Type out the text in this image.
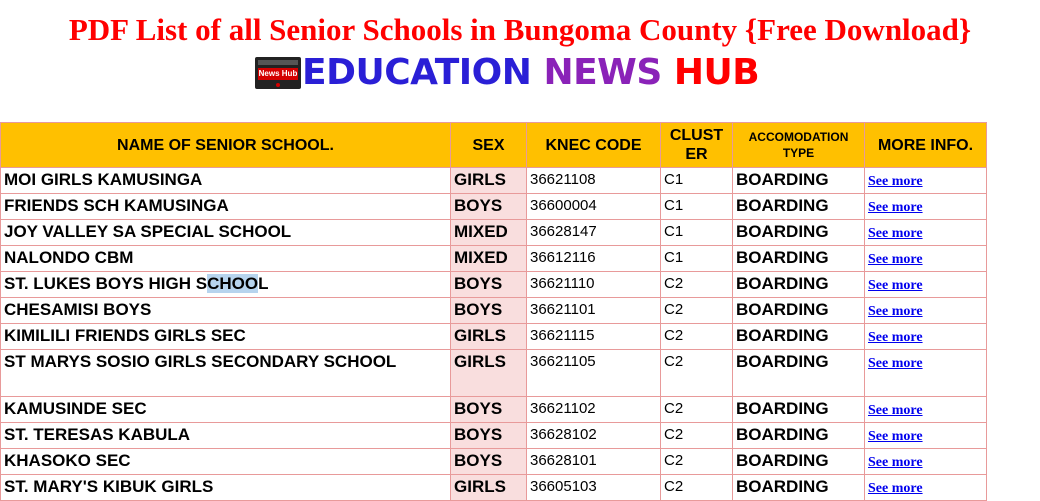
PDF List of all Senior Schools in Bungoma County {Free Download}
News Hub EDUCATION NEWS HUB
NAME OF SENIOR SCHOOL.	SEX	KNEC CODE	CLUST ER	ACCOMODATION TYPE	MORE INFO.
MOI GIRLS KAMUSINGA	GIRLS	36621108	C1	BOARDING	See more
FRIENDS SCH KAMUSINGA	BOYS	36600004	C1	BOARDING	See more
JOY VALLEY SA SPECIAL SCHOOL	MIXED	36628147	C1	BOARDING	See more
NALONDO CBM	MIXED	36612116	C1	BOARDING	See more
ST. LUKES BOYS HIGH SCHOOL	BOYS	36621110	C2	BOARDING	See more
CHESAMISI BOYS	BOYS	36621101	C2	BOARDING	See more
KIMILILI FRIENDS GIRLS SEC	GIRLS	36621115	C2	BOARDING	See more
ST MARYS SOSIO GIRLS SECONDARY SCHOOL	GIRLS	36621105	C2	BOARDING	See more
KAMUSINDE SEC	BOYS	36621102	C2	BOARDING	See more
ST. TERESAS KABULA	BOYS	36628102	C2	BOARDING	See more
KHASOKO SEC	BOYS	36628101	C2	BOARDING	See more
ST. MARY'S KIBUK GIRLS	GIRLS	36605103	C2	BOARDING	See more
